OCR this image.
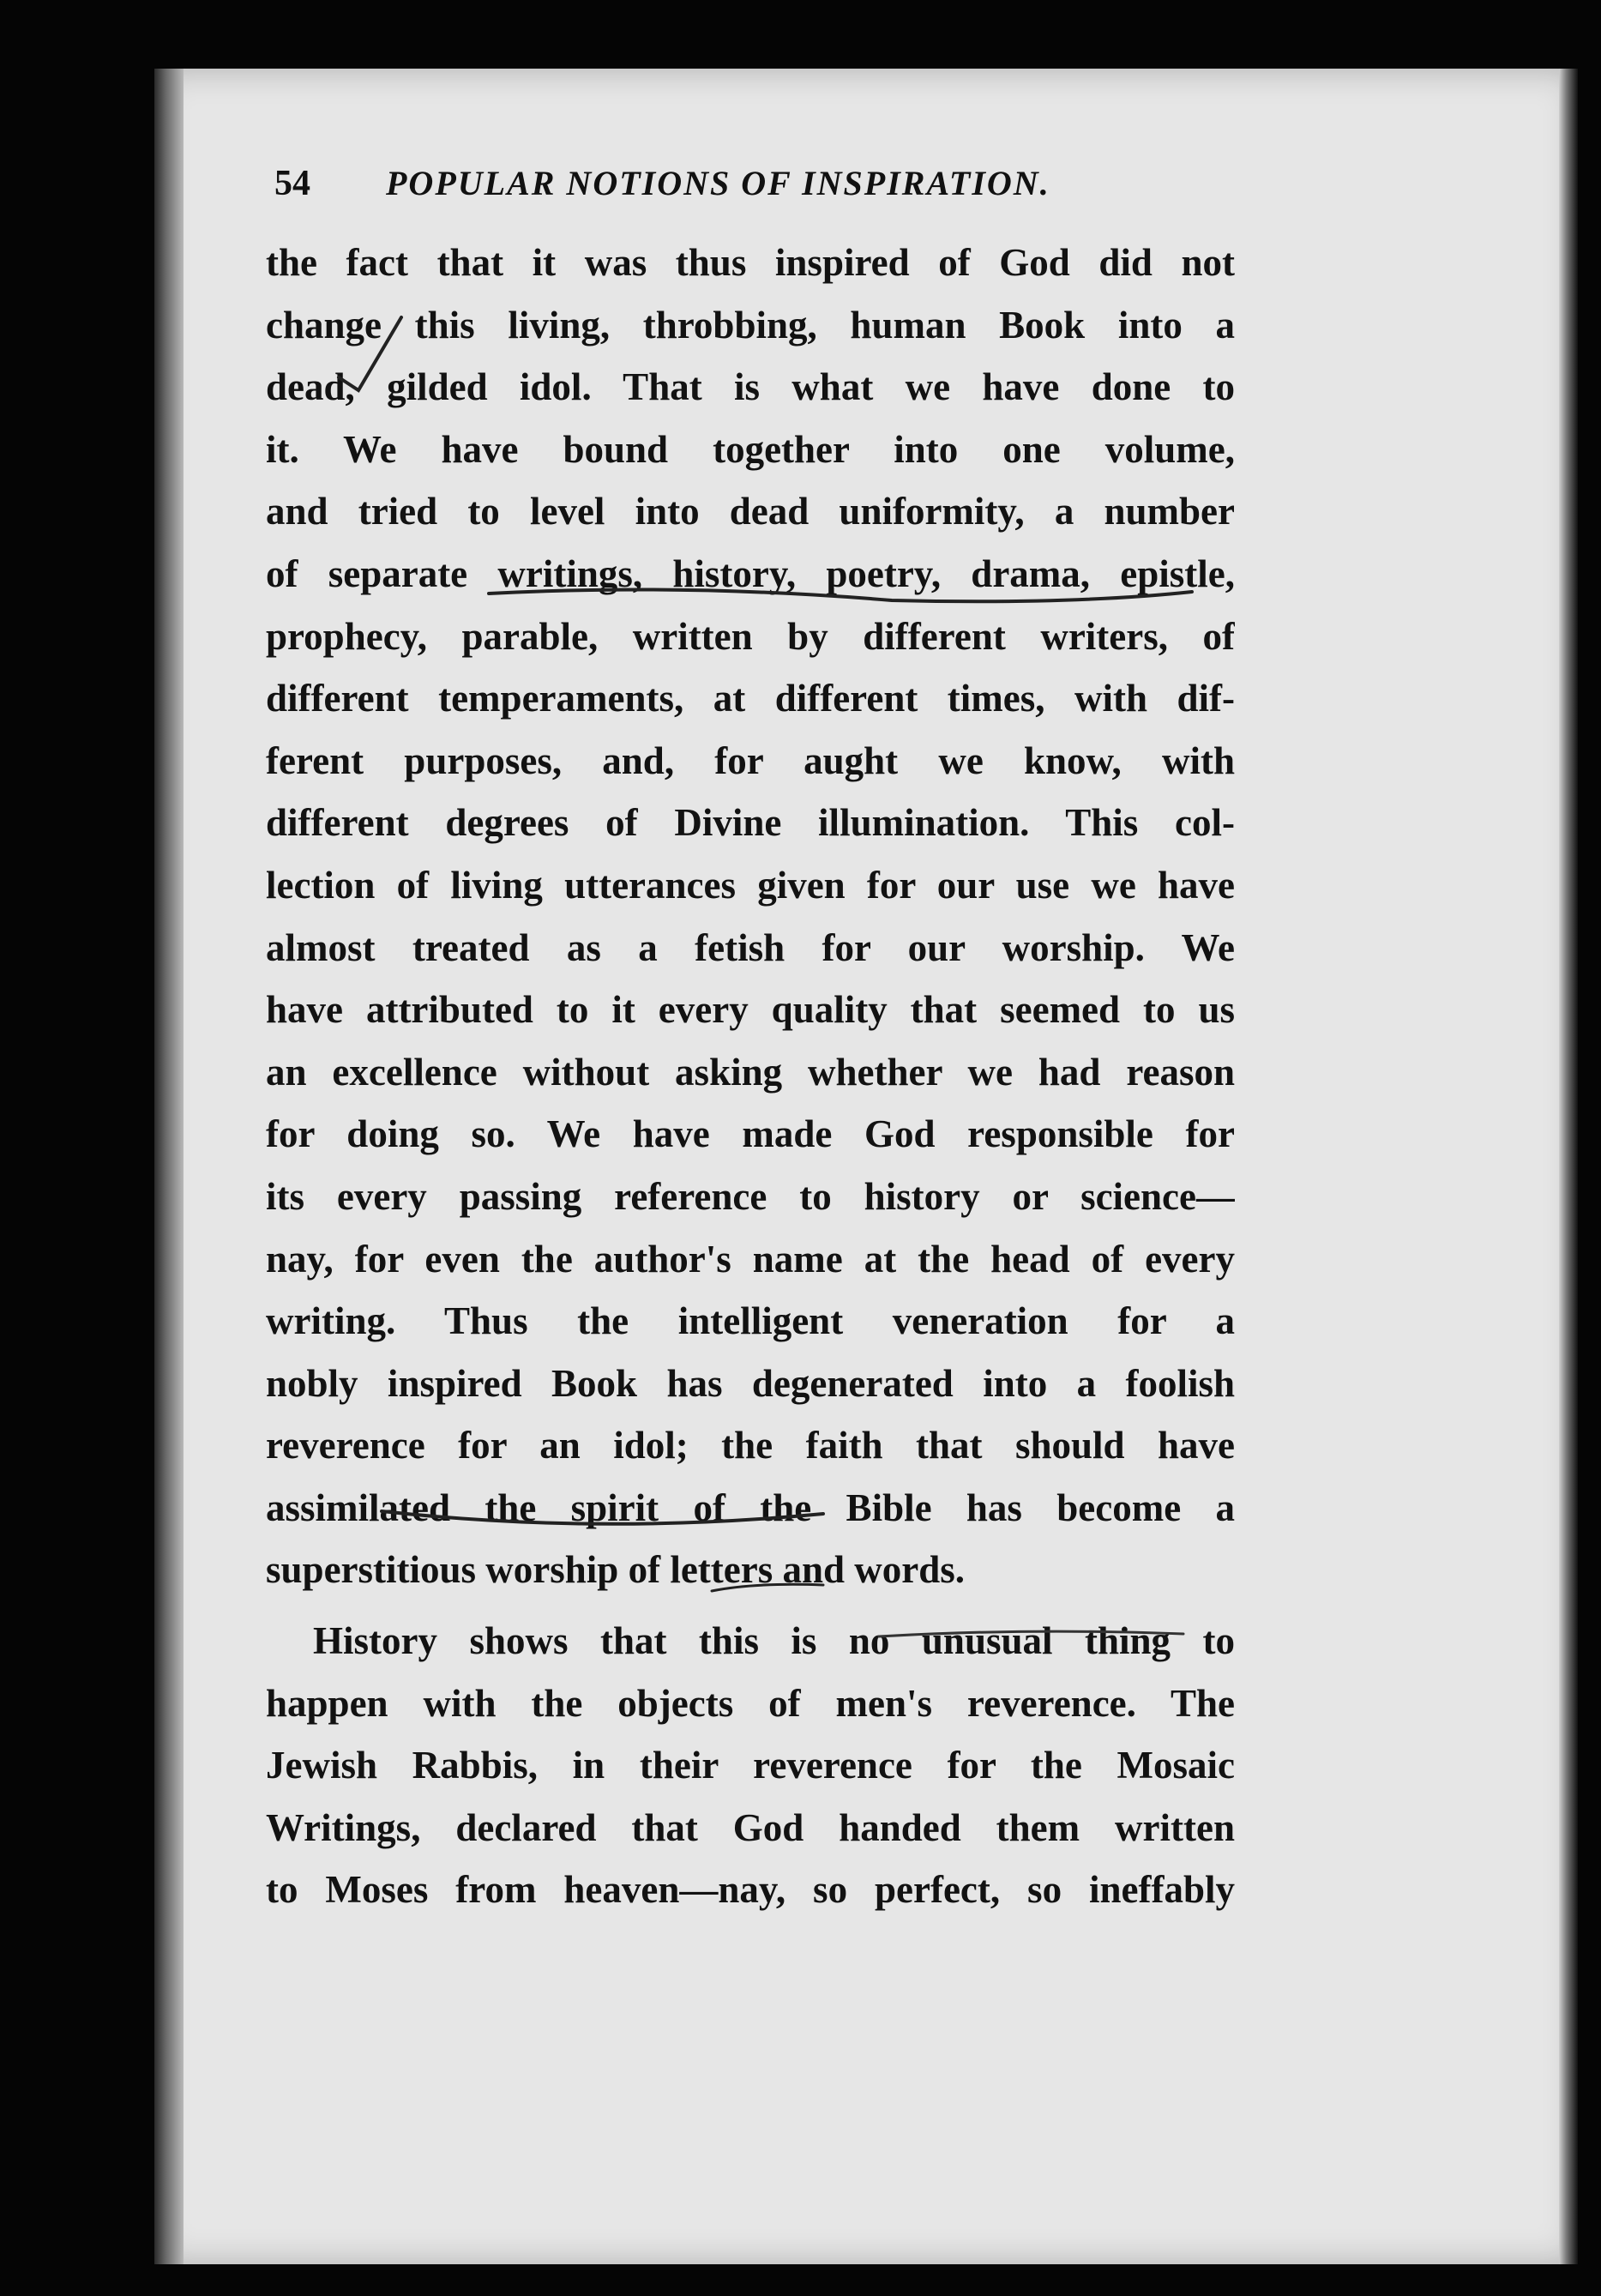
54 POPULAR NOTIONS OF INSPIRATION.
the fact that it was thus inspired of God did not
change this living, throbbing, human Book into a
dead, gilded idol. That is what we have done to
it. We have bound together into one volume,
and tried to level into dead uniformity, a number
of separate writings, history, poetry, drama, epistle,
prophecy, parable, written by different writers, of
different temperaments, at different times, with dif-
ferent purposes, and, for aught we know, with
different degrees of Divine illumination. This col-
lection of living utterances given for our use we have
almost treated as a fetish for our worship. We
have attributed to it every quality that seemed to us
an excellence without asking whether we had reason
for doing so. We have made God responsible for
its every passing reference to history or science—
nay, for even the author's name at the head of every
writing. Thus the intelligent veneration for a
nobly inspired Book has degenerated into a foolish
reverence for an idol; the faith that should have
assimilated the spirit of the Bible has become a
superstitious worship of letters and words.
History shows that this is no unusual thing to
happen with the objects of men's reverence. The
Jewish Rabbis, in their reverence for the Mosaic
Writings, declared that God handed them written
to Moses from heaven—nay, so perfect, so ineffably
